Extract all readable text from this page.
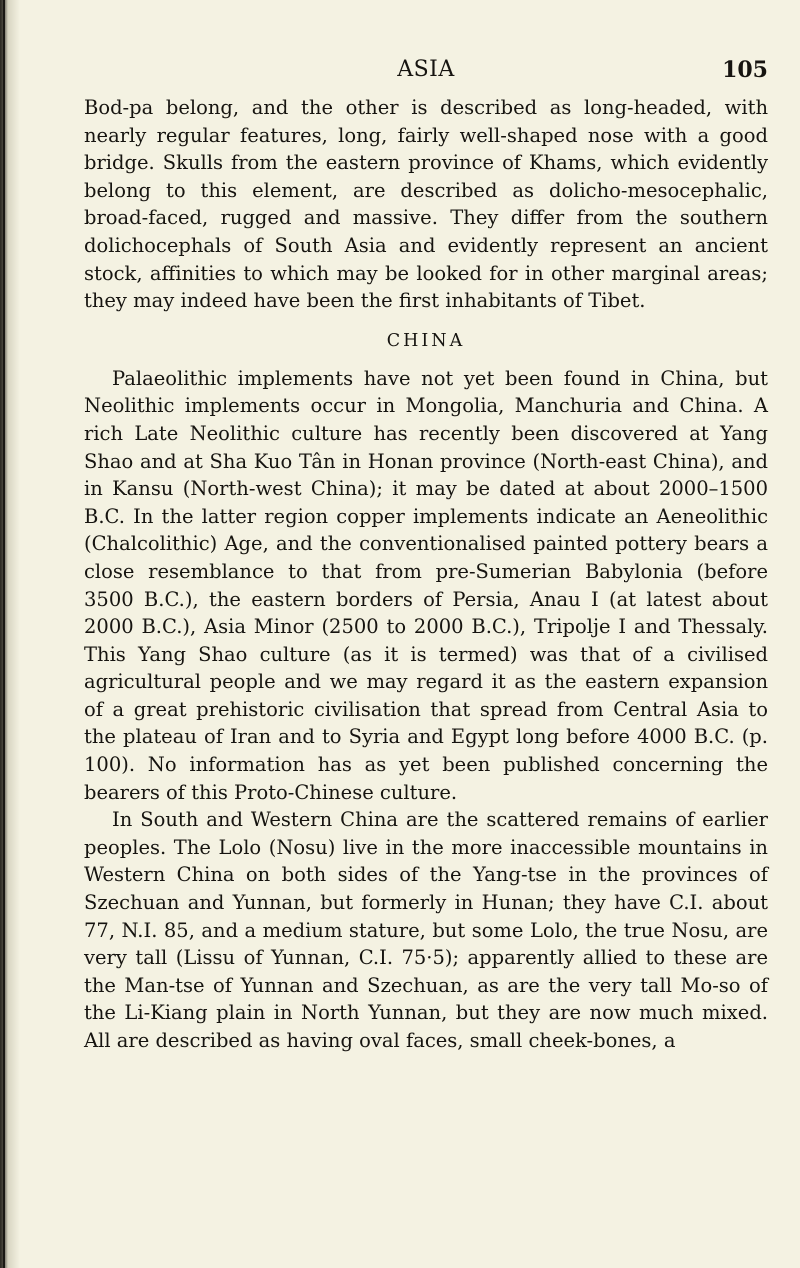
ASIA	105

Bod-pa belong, and the other is described as long-headed, with nearly regular features, long, fairly well-shaped nose with a good bridge. Skulls from the eastern province of Khams, which evidently belong to this element, are described as dolicho-mesocephalic, broad-faced, rugged and massive. They differ from the southern dolichocephals of South Asia and evidently represent an ancient stock, affinities to which may be looked for in other marginal areas; they may indeed have been the first inhabitants of Tibet.

CHINA

Palaeolithic implements have not yet been found in China, but Neolithic implements occur in Mongolia, Manchuria and China. A rich Late Neolithic culture has recently been discovered at Yang Shao and at Sha Kuo Tân in Honan province (North-east China), and in Kansu (North-west China); it may be dated at about 2000–1500 B.C. In the latter region copper implements indicate an Aeneolithic (Chalcolithic) Age, and the conventionalised painted pottery bears a close resemblance to that from pre-Sumerian Babylonia (before 3500 B.C.), the eastern borders of Persia, Anau I (at latest about 2000 B.C.), Asia Minor (2500 to 2000 B.C.), Tripolje I and Thessaly. This Yang Shao culture (as it is termed) was that of a civilised agricultural people and we may regard it as the eastern expansion of a great prehistoric civilisation that spread from Central Asia to the plateau of Iran and to Syria and Egypt long before 4000 B.C. (p. 100). No information has as yet been published concerning the bearers of this Proto-Chinese culture.

In South and Western China are the scattered remains of earlier peoples. The Lolo (Nosu) live in the more inaccessible mountains in Western China on both sides of the Yang-tse in the provinces of Szechuan and Yunnan, but formerly in Hunan; they have C.I. about 77, N.I. 85, and a medium stature, but some Lolo, the true Nosu, are very tall (Lissu of Yunnan, C.I. 75·5); apparently allied to these are the Man-tse of Yunnan and Szechuan, as are the very tall Mo-so of the Li-Kiang plain in North Yunnan, but they are now much mixed. All are described as having oval faces, small cheek-bones, a
